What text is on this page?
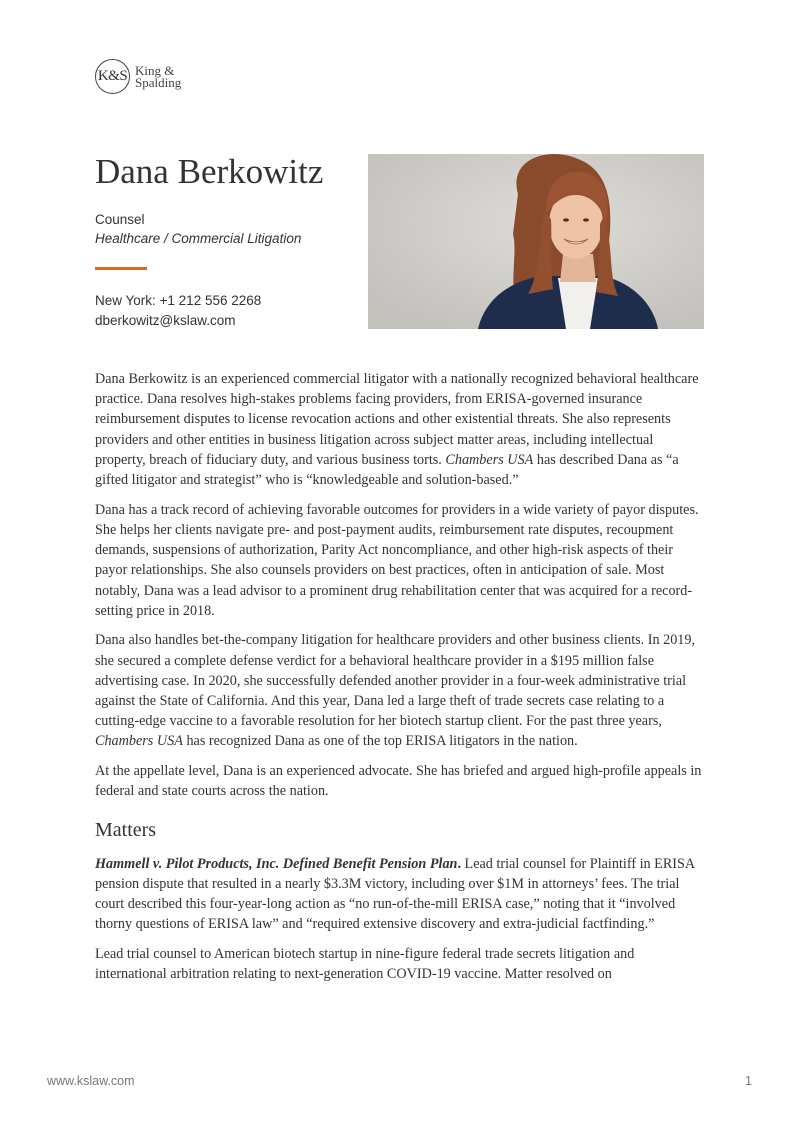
K&S King &
Spalding
Dana Berkowitz
Counsel
Healthcare / Commercial Litigation
New York: +1 212 556 2268
dberkowitz@kslaw.com

Dana Berkowitz is an experienced commercial litigator with a nationally recognized behavioral healthcare practice. Dana resolves high-stakes problems facing providers, from ERISA-governed insurance reimbursement disputes to license revocation actions and other existential threats. She also represents providers and other entities in business litigation across subject matter areas, including intellectual property, breach of fiduciary duty, and various business torts. Chambers USA has described Dana as “a gifted litigator and strategist” who is “knowledgeable and solution-based.”

Dana has a track record of achieving favorable outcomes for providers in a wide variety of payor disputes. She helps her clients navigate pre- and post-payment audits, reimbursement rate disputes, recoupment demands, suspensions of authorization, Parity Act noncompliance, and other high-risk aspects of their payor relationships. She also counsels providers on best practices, often in anticipation of sale. Most notably, Dana was a lead advisor to a prominent drug rehabilitation center that was acquired for a record-setting price in 2018.

Dana also handles bet-the-company litigation for healthcare providers and other business clients. In 2019, she secured a complete defense verdict for a behavioral healthcare provider in a $195 million false advertising case. In 2020, she successfully defended another provider in a four-week administrative trial against the State of California. And this year, Dana led a large theft of trade secrets case relating to a cutting-edge vaccine to a favorable resolution for her biotech startup client. For the past three years, Chambers USA has recognized Dana as one of the top ERISA litigators in the nation.

At the appellate level, Dana is an experienced advocate. She has briefed and argued high-profile appeals in federal and state courts across the nation.

Matters

Hammell v. Pilot Products, Inc. Defined Benefit Pension Plan. Lead trial counsel for Plaintiff in ERISA pension dispute that resulted in a nearly $3.3M victory, including over $1M in attorneys’ fees. The trial court described this four-year-long action as “no run-of-the-mill ERISA case,” noting that it “involved thorny questions of ERISA law” and “required extensive discovery and extra-judicial factfinding.”

Lead trial counsel to American biotech startup in nine-figure federal trade secrets litigation and international arbitration relating to next-generation COVID-19 vaccine. Matter resolved on

www.kslaw.com	1
